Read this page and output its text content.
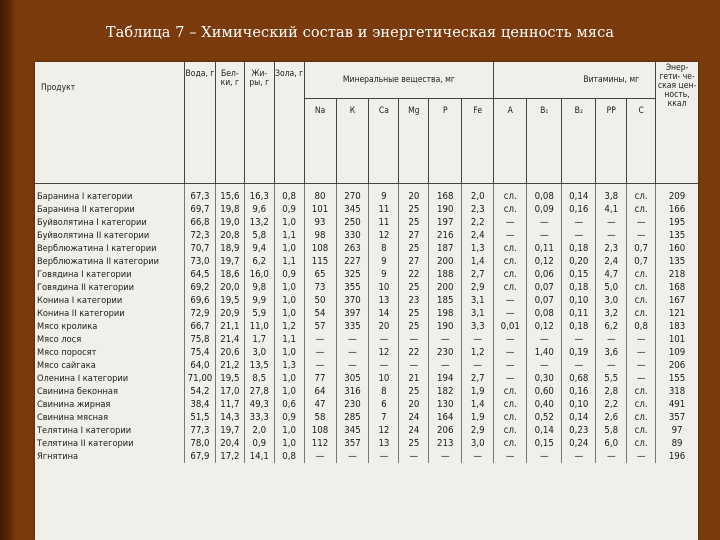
Таблица 7 – Химический состав и энергетическая ценность мяса
Продукт	Вода, г	Бел- ки, г	Жи- ры, г	Зола, г	Минеральные вещества, мг						Витамины, мг					Энер- гети- че- ская цен- ность, ккал
					Na	К	Ca	Mg	P	Fe	A	B₁	B₂	PP	C	

Баранина I категории	67,3	15,6	16,3	0,8	80	270	9	20	168	2,0	сл.	0,08	0,14	3,8	сл.	209
Баранина II категории	69,7	19,8	9,6	0,9	101	345	11	25	190	2,3	сл.	0,09	0,16	4,1	сл.	166
Буйволятина I категории	66,8	19,0	13,2	1,0	93	250	11	25	197	2,2	—	—	—	—	—	195
Буйволятина II категории	72,3	20,8	5,8	1,1	98	330	12	27	216	2,4	—	—	—	—	—	135
Верблюжатина I категории	70,7	18,9	9,4	1,0	108	263	8	25	187	1,3	сл.	0,11	0,18	2,3	0,7	160
Верблюжатина II категории	73,0	19,7	6,2	1,1	115	227	9	27	200	1,4	сл.	0,12	0,20	2,4	0,7	135
Говядина I категории	64,5	18,6	16,0	0,9	65	325	9	22	188	2,7	сл.	0,06	0,15	4,7	сл.	218
Говядина II категории	69,2	20,0	9,8	1,0	73	355	10	25	200	2,9	сл.	0,07	0,18	5,0	сл.	168
Конина I категории	69,6	19,5	9,9	1,0	50	370	13	23	185	3,1	—	0,07	0,10	3,0	сл.	167
Конина II категории	72,9	20,9	5,9	1,0	54	397	14	25	198	3,1	—	0,08	0,11	3,2	сл.	121
Мясо кролика	66,7	21,1	11,0	1,2	57	335	20	25	190	3,3	0,01	0,12	0,18	6,2	0,8	183
Мясо лося	75,8	21,4	1,7	1,1	—	—	—	—	—	—	—	—	—	—	—	101
Мясо поросят	75,4	20,6	3,0	1,0	—	—	12	22	230	1,2	—	1,40	0,19	3,6	—	109
Мясо сайгака	64,0	21,2	13,5	1,3	—	—	—	—	—	—	—	—	—	—	—	206
Оленина I категории	71,00	19,5	8,5	1,0	77	305	10	21	194	2,7	—	0,30	0,68	5,5	—	155
Свинина беконная	54,2	17,0	27,8	1,0	64	316	8	25	182	1,9	сл.	0,60	0,16	2,8	сл.	318
Свинина жирная	38,4	11,7	49,3	0,6	47	230	6	20	130	1,4	сл.	0,40	0,10	2,2	сл.	491
Свинина мясная	51,5	14,3	33,3	0,9	58	285	7	24	164	1,9	сл.	0,52	0,14	2,6	сл.	357
Телятина I категории	77,3	19,7	2,0	1,0	108	345	12	24	206	2,9	сл.	0,14	0,23	5,8	сл.	97
Телятина II категории	78,0	20,4	0,9	1,0	112	357	13	25	213	3,0	сл.	0,15	0,24	6,0	сл.	89
Ягнятина	67,9	17,2	14,1	0,8	—	—	—	—	—	—	—	—	—	—	—	196
